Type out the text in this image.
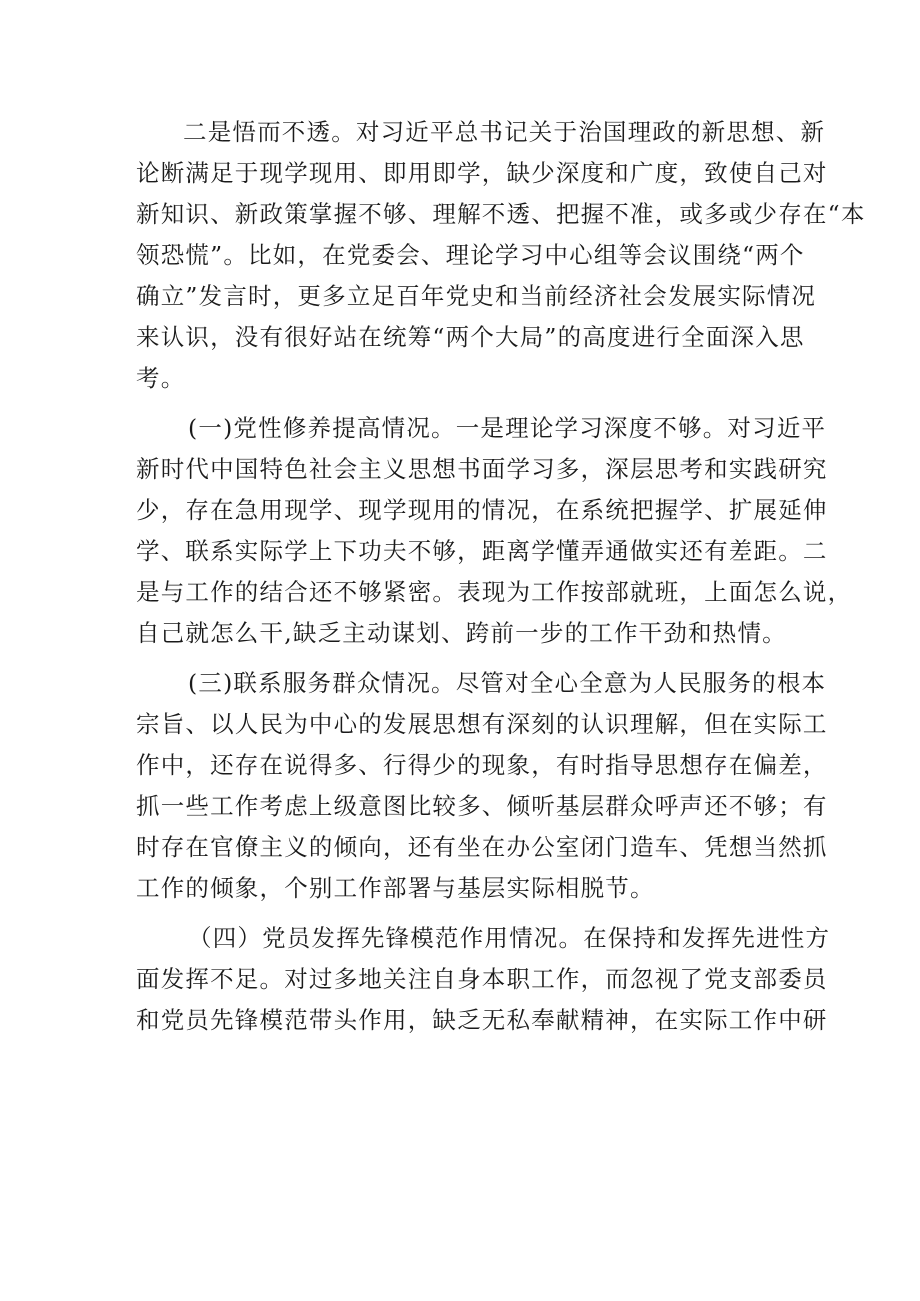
二是悟而不透。对习近平总书记关于治国理政的新思想、新
论断满足于现学现用、即用即学，缺少深度和广度，致使自己对
新知识、新政策掌握不够、理解不透、把握不准，或多或少存在“本
领恐慌”。比如，在党委会、理论学习中心组等会议围绕“两个
确立”发言时，更多立足百年党史和当前经济社会发展实际情况
来认识，没有很好站在统筹“两个大局”的高度进行全面深入思
考。

(一)党性修养提高情况。一是理论学习深度不够。对习近平
新时代中国特色社会主义思想书面学习多，深层思考和实践研究
少，存在急用现学、现学现用的情况，在系统把握学、扩展延伸
学、联系实际学上下功夫不够，距离学懂弄通做实还有差距。二
是与工作的结合还不够紧密。表现为工作按部就班，上面怎么说，
自己就怎么干,缺乏主动谋划、跨前一步的工作干劲和热情。

(三)联系服务群众情况。尽管对全心全意为人民服务的根本
宗旨、以人民为中心的发展思想有深刻的认识理解，但在实际工
作中，还存在说得多、行得少的现象，有时指导思想存在偏差，
抓一些工作考虑上级意图比较多、倾听基层群众呼声还不够；有
时存在官僚主义的倾向，还有坐在办公室闭门造车、凭想当然抓
工作的倾象，个别工作部署与基层实际相脱节。

（四）党员发挥先锋模范作用情况。在保持和发挥先进性方
面发挥不足。对过多地关注自身本职工作，而忽视了党支部委员
和党员先锋模范带头作用，缺乏无私奉献精神，在实际工作中研
